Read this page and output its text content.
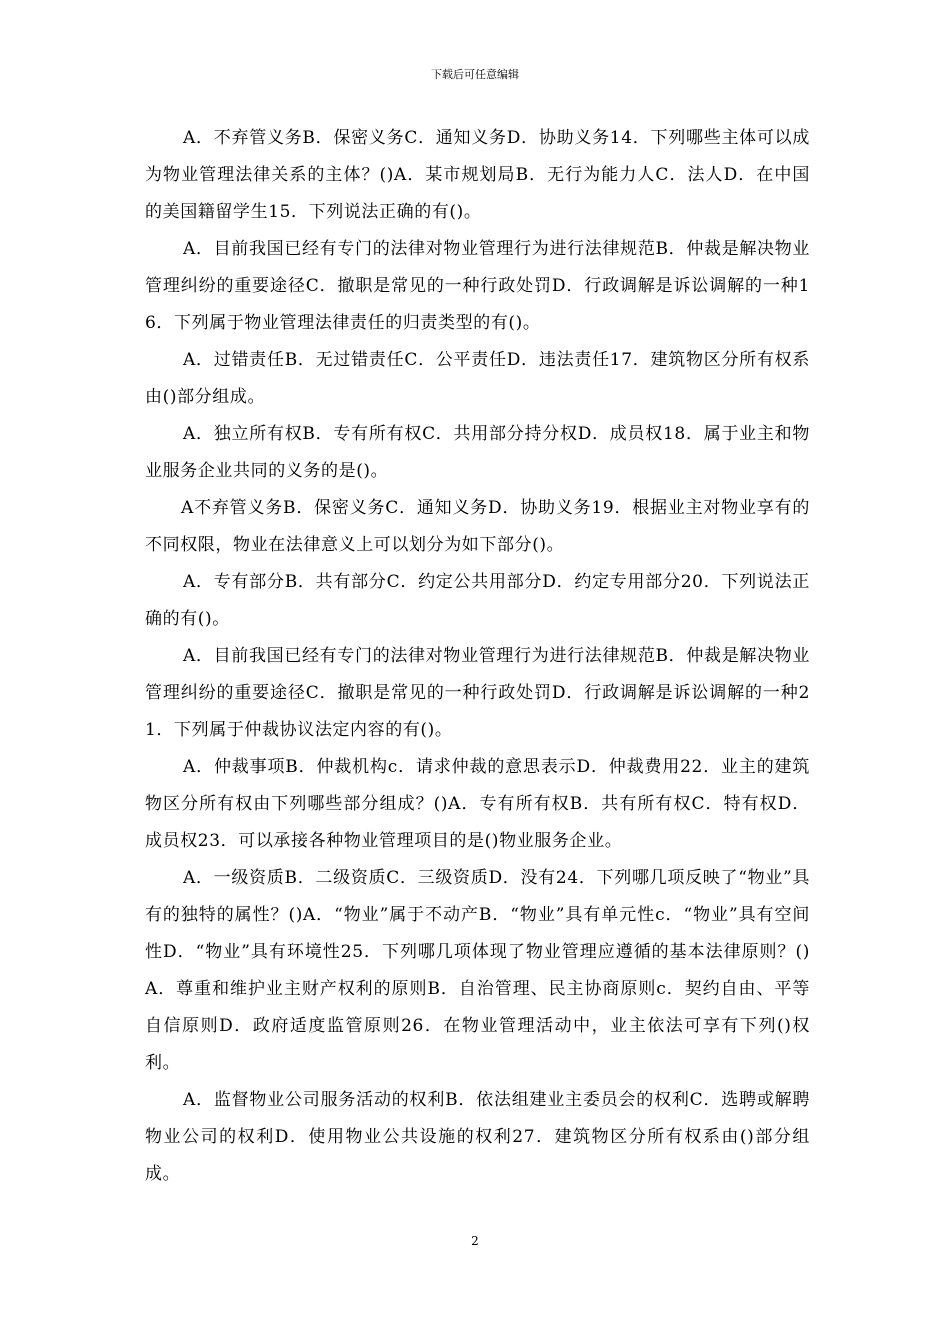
下载后可任意编辑

A．不弃管义务B．保密义务C．通知义务D．协助义务14．下列哪些主体可以成为物业管理法律关系的主体？()A．某市规划局B．无行为能力人C．法人D．在中国的美国籍留学生15．下列说法正确的有()。

A．目前我国已经有专门的法律对物业管理行为进行法律规范B．仲裁是解决物业管理纠纷的重要途径C．撤职是常见的一种行政处罚D．行政调解是诉讼调解的一种16．下列属于物业管理法律责任的归责类型的有()。

A．过错责任B．无过错责任C．公平责任D．违法责任17．建筑物区分所有权系由()部分组成。

A．独立所有权B．专有所有权C．共用部分持分权D．成员权18．属于业主和物业服务企业共同的义务的是()。

A不弃管义务B．保密义务C．通知义务D．协助义务19．根据业主对物业享有的不同权限，物业在法律意义上可以划分为如下部分()。

A．专有部分B．共有部分C．约定公共用部分D．约定专用部分20．下列说法正确的有()。

A．目前我国已经有专门的法律对物业管理行为进行法律规范B．仲裁是解决物业管理纠纷的重要途径C．撤职是常见的一种行政处罚D．行政调解是诉讼调解的一种21．下列属于仲裁协议法定内容的有()。

A．仲裁事项B．仲裁机构c．请求仲裁的意思表示D．仲裁费用22．业主的建筑物区分所有权由下列哪些部分组成？()A．专有所有权B．共有所有权C．特有权D．成员权23．可以承接各种物业管理项目的是()物业服务企业。

A．一级资质B．二级资质C．三级资质D．没有24．下列哪几项反映了“物业”具有的独特的属性？()A．“物业”属于不动产B．“物业”具有单元性c．“物业”具有空间性D．“物业”具有环境性25．下列哪几项体现了物业管理应遵循的基本法律原则？()A．尊重和维护业主财产权利的原则B．自治管理、民主协商原则c．契约自由、平等自信原则D．政府适度监管原则26．在物业管理活动中，业主依法可享有下列()权利。

A．监督物业公司服务活动的权利B．依法组建业主委员会的权利C．选聘或解聘物业公司的权利D．使用物业公共设施的权利27．建筑物区分所有权系由()部分组成。

2
